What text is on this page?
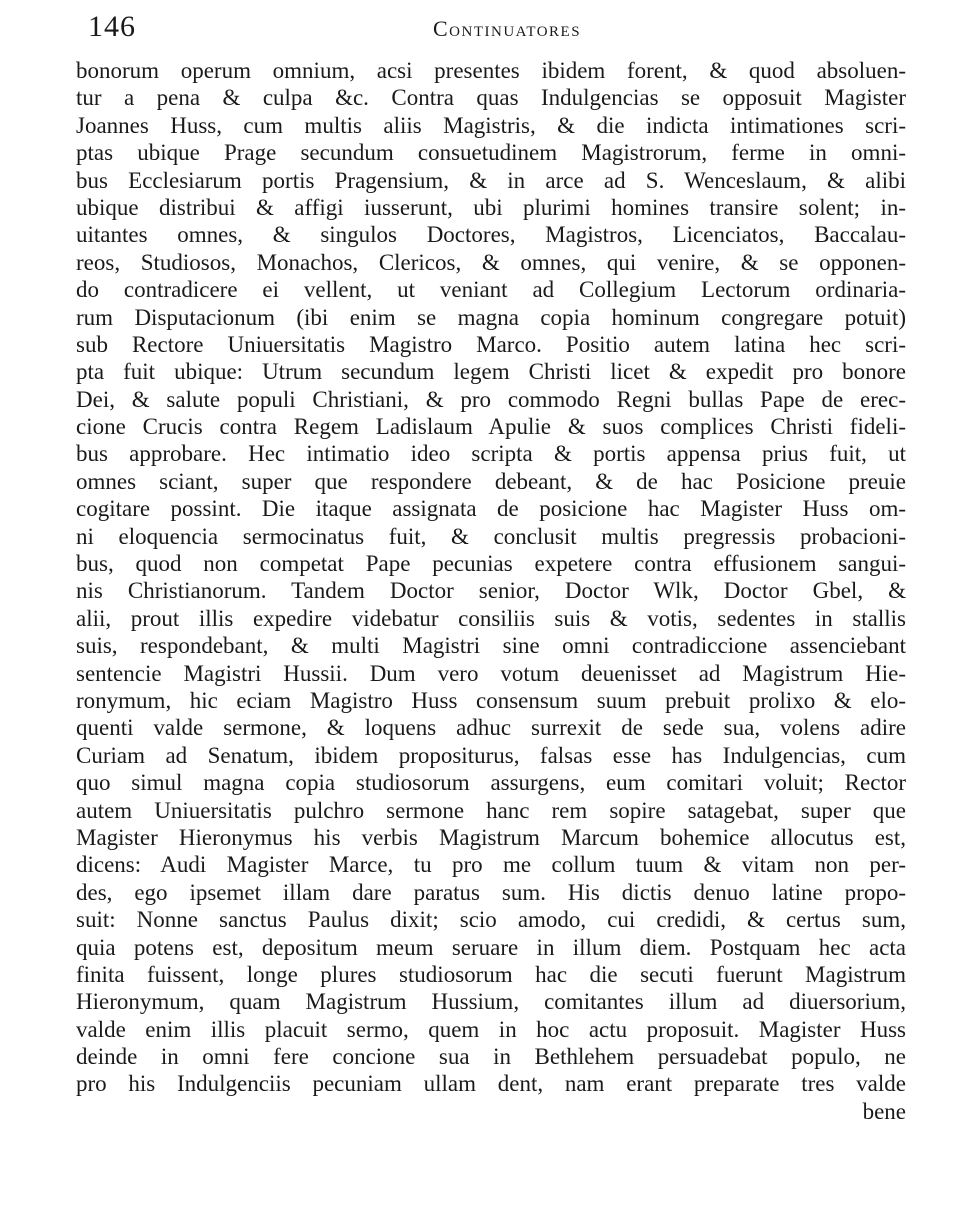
146	Continuatores
bonorum operum omnium, acsi presentes ibidem forent, & quod absoluen-
tur a pena & culpa &c. Contra quas Indulgencias se opposuit Magister
Joannes Huss, cum multis aliis Magistris, & die indicta intimationes scri-
ptas ubique Prage secundum consuetudinem Magistrorum, ferme in omni-
bus Ecclesiarum portis Pragensium, & in arce ad S. Wenceslaum, & alibi
ubique distribui & affigi iusserunt, ubi plurimi homines transire solent; in-
uitantes omnes, & singulos Doctores, Magistros, Licenciatos, Baccalau-
reos, Studiosos, Monachos, Clericos, & omnes, qui venire, & se opponen-
do contradicere ei vellent, ut veniant ad Collegium Lectorum ordinaria-
rum Disputacionum (ibi enim se magna copia hominum congregare potuit)
sub Rectore Uniuersitatis Magistro Marco. Positio autem latina hec scri-
pta fuit ubique: Utrum secundum legem Christi licet & expedit pro bonore
Dei, & salute populi Christiani, & pro commodo Regni bullas Pape de erec-
cione Crucis contra Regem Ladislaum Apulie & suos complices Christi fideli-
bus approbare. Hec intimatio ideo scripta & portis appensa prius fuit, ut
omnes sciant, super que respondere debeant, & de hac Posicione preuie
cogitare possint. Die itaque assignata de posicione hac Magister Huss om-
ni eloquencia sermocinatus fuit, & conclusit multis pregressis probacioni-
bus, quod non competat Pape pecunias expetere contra effusionem sangui-
nis Christianorum. Tandem Doctor senior, Doctor Wlk, Doctor Gbel, &
alii, prout illis expedire videbatur consiliis suis & votis, sedentes in stallis
suis, respondebant, & multi Magistri sine omni contradiccione assenciebant
sentencie Magistri Hussii. Dum vero votum deuenisset ad Magistrum Hie-
ronymum, hic eciam Magistro Huss consensum suum prebuit prolixo & elo-
quenti valde sermone, & loquens adhuc surrexit de sede sua, volens adire
Curiam ad Senatum, ibidem propositurus, falsas esse has Indulgencias, cum
quo simul magna copia studiosorum assurgens, eum comitari voluit; Rector
autem Uniuersitatis pulchro sermone hanc rem sopire satagebat, super que
Magister Hieronymus his verbis Magistrum Marcum bohemice allocutus est,
dicens: Audi Magister Marce, tu pro me collum tuum & vitam non per-
des, ego ipsemet illam dare paratus sum. His dictis denuo latine propo-
suit: Nonne sanctus Paulus dixit; scio amodo, cui credidi, & certus sum,
quia potens est, depositum meum seruare in illum diem. Postquam hec acta
finita fuissent, longe plures studiosorum hac die secuti fuerunt Magistrum
Hieronymum, quam Magistrum Hussium, comitantes illum ad diuersorium,
valde enim illis placuit sermo, quem in hoc actu proposuit. Magister Huss
deinde in omni fere concione sua in Bethlehem persuadebat populo, ne
pro his Indulgenciis pecuniam ullam dent, nam erant preparate tres valde
bene
